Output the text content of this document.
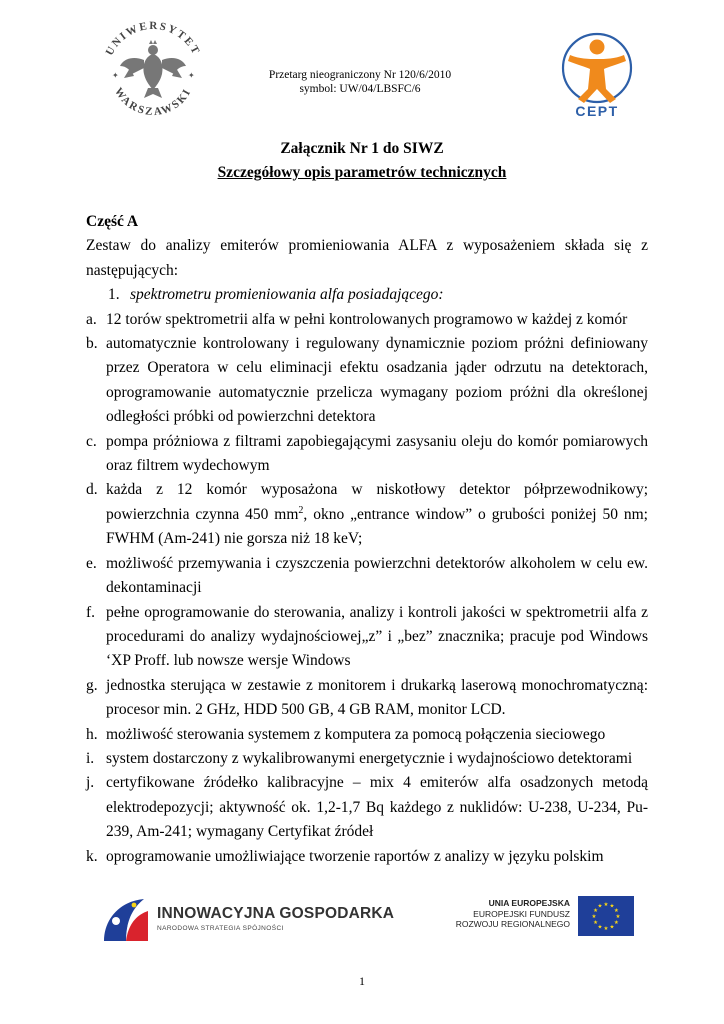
UNIWERSYTET
WARSZAWSKI
✦	✦	Przetarg nieograniczony Nr 120/6/2010
symbol: UW/04/LBSFC/6
CEPT
Załącznik Nr 1 do SIWZ
Szczegółowy opis parametrów technicznych
Część A
Zestaw do analizy emiterów promieniowania ALFA z wyposażeniem składa się z następujących:
1. spektrometru promieniowania alfa posiadającego:
a. 12 torów spektrometrii alfa w pełni kontrolowanych programowo w każdej z komór
b. automatycznie kontrolowany i regulowany dynamicznie poziom próżni definiowany przez Operatora w celu eliminacji efektu osadzania jąder odrzutu na detektorach, oprogramowanie automatycznie przelicza wymagany poziom próżni dla określonej odległości próbki od powierzchni detektora
c. pompa próżniowa z filtrami zapobiegającymi zasysaniu oleju do komór pomiarowych oraz filtrem wydechowym
d. każda z 12 komór wyposażona w niskotłowy detektor półprzewodnikowy; powierzchnia czynna 450 $mm^2$, okno „entrance window” o grubości poniżej 50 nm; FWHM (Am-241) nie gorsza niż 18 keV;
e. możliwość przemywania i czyszczenia powierzchni detektorów alkoholem w celu ew. dekontaminacji
f. pełne oprogramowanie do sterowania, analizy i kontroli jakości w spektrometrii alfa z procedurami do analizy wydajnościowej„z” i „bez” znacznika; pracuje pod Windows ‘XP Proff. lub nowsze wersje Windows
g. jednostka sterująca w zestawie z monitorem i drukarką laserową monochromatyczną: procesor min. 2 GHz, HDD 500 GB, 4 GB RAM, monitor LCD.
h. możliwość sterowania systemem z komputera za pomocą połączenia sieciowego
i. system dostarczony z wykalibrowanymi energetycznie i wydajnościowo detektorami
j. certyfikowane źródełko kalibracyjne – mix 4 emiterów alfa osadzonych metodą elektrodepozycji; aktywność ok. 1,2-1,7 Bq każdego z nuklidów: U-238, U-234, Pu-239, Am-241; wymagany Certyfikat źródeł
k. oprogramowanie umożliwiające tworzenie raportów z analizy w języku polskim
INNOWACYJNA GOSPODARKA
NARODOWA STRATEGIA SPÓJNOŚCI
UNIA EUROPEJSKA
EUROPEJSKI FUNDUSZ
ROZWOJU REGIONALNEGO
★ ★
★
★
★
★
★
★
★
★
★
★
1
